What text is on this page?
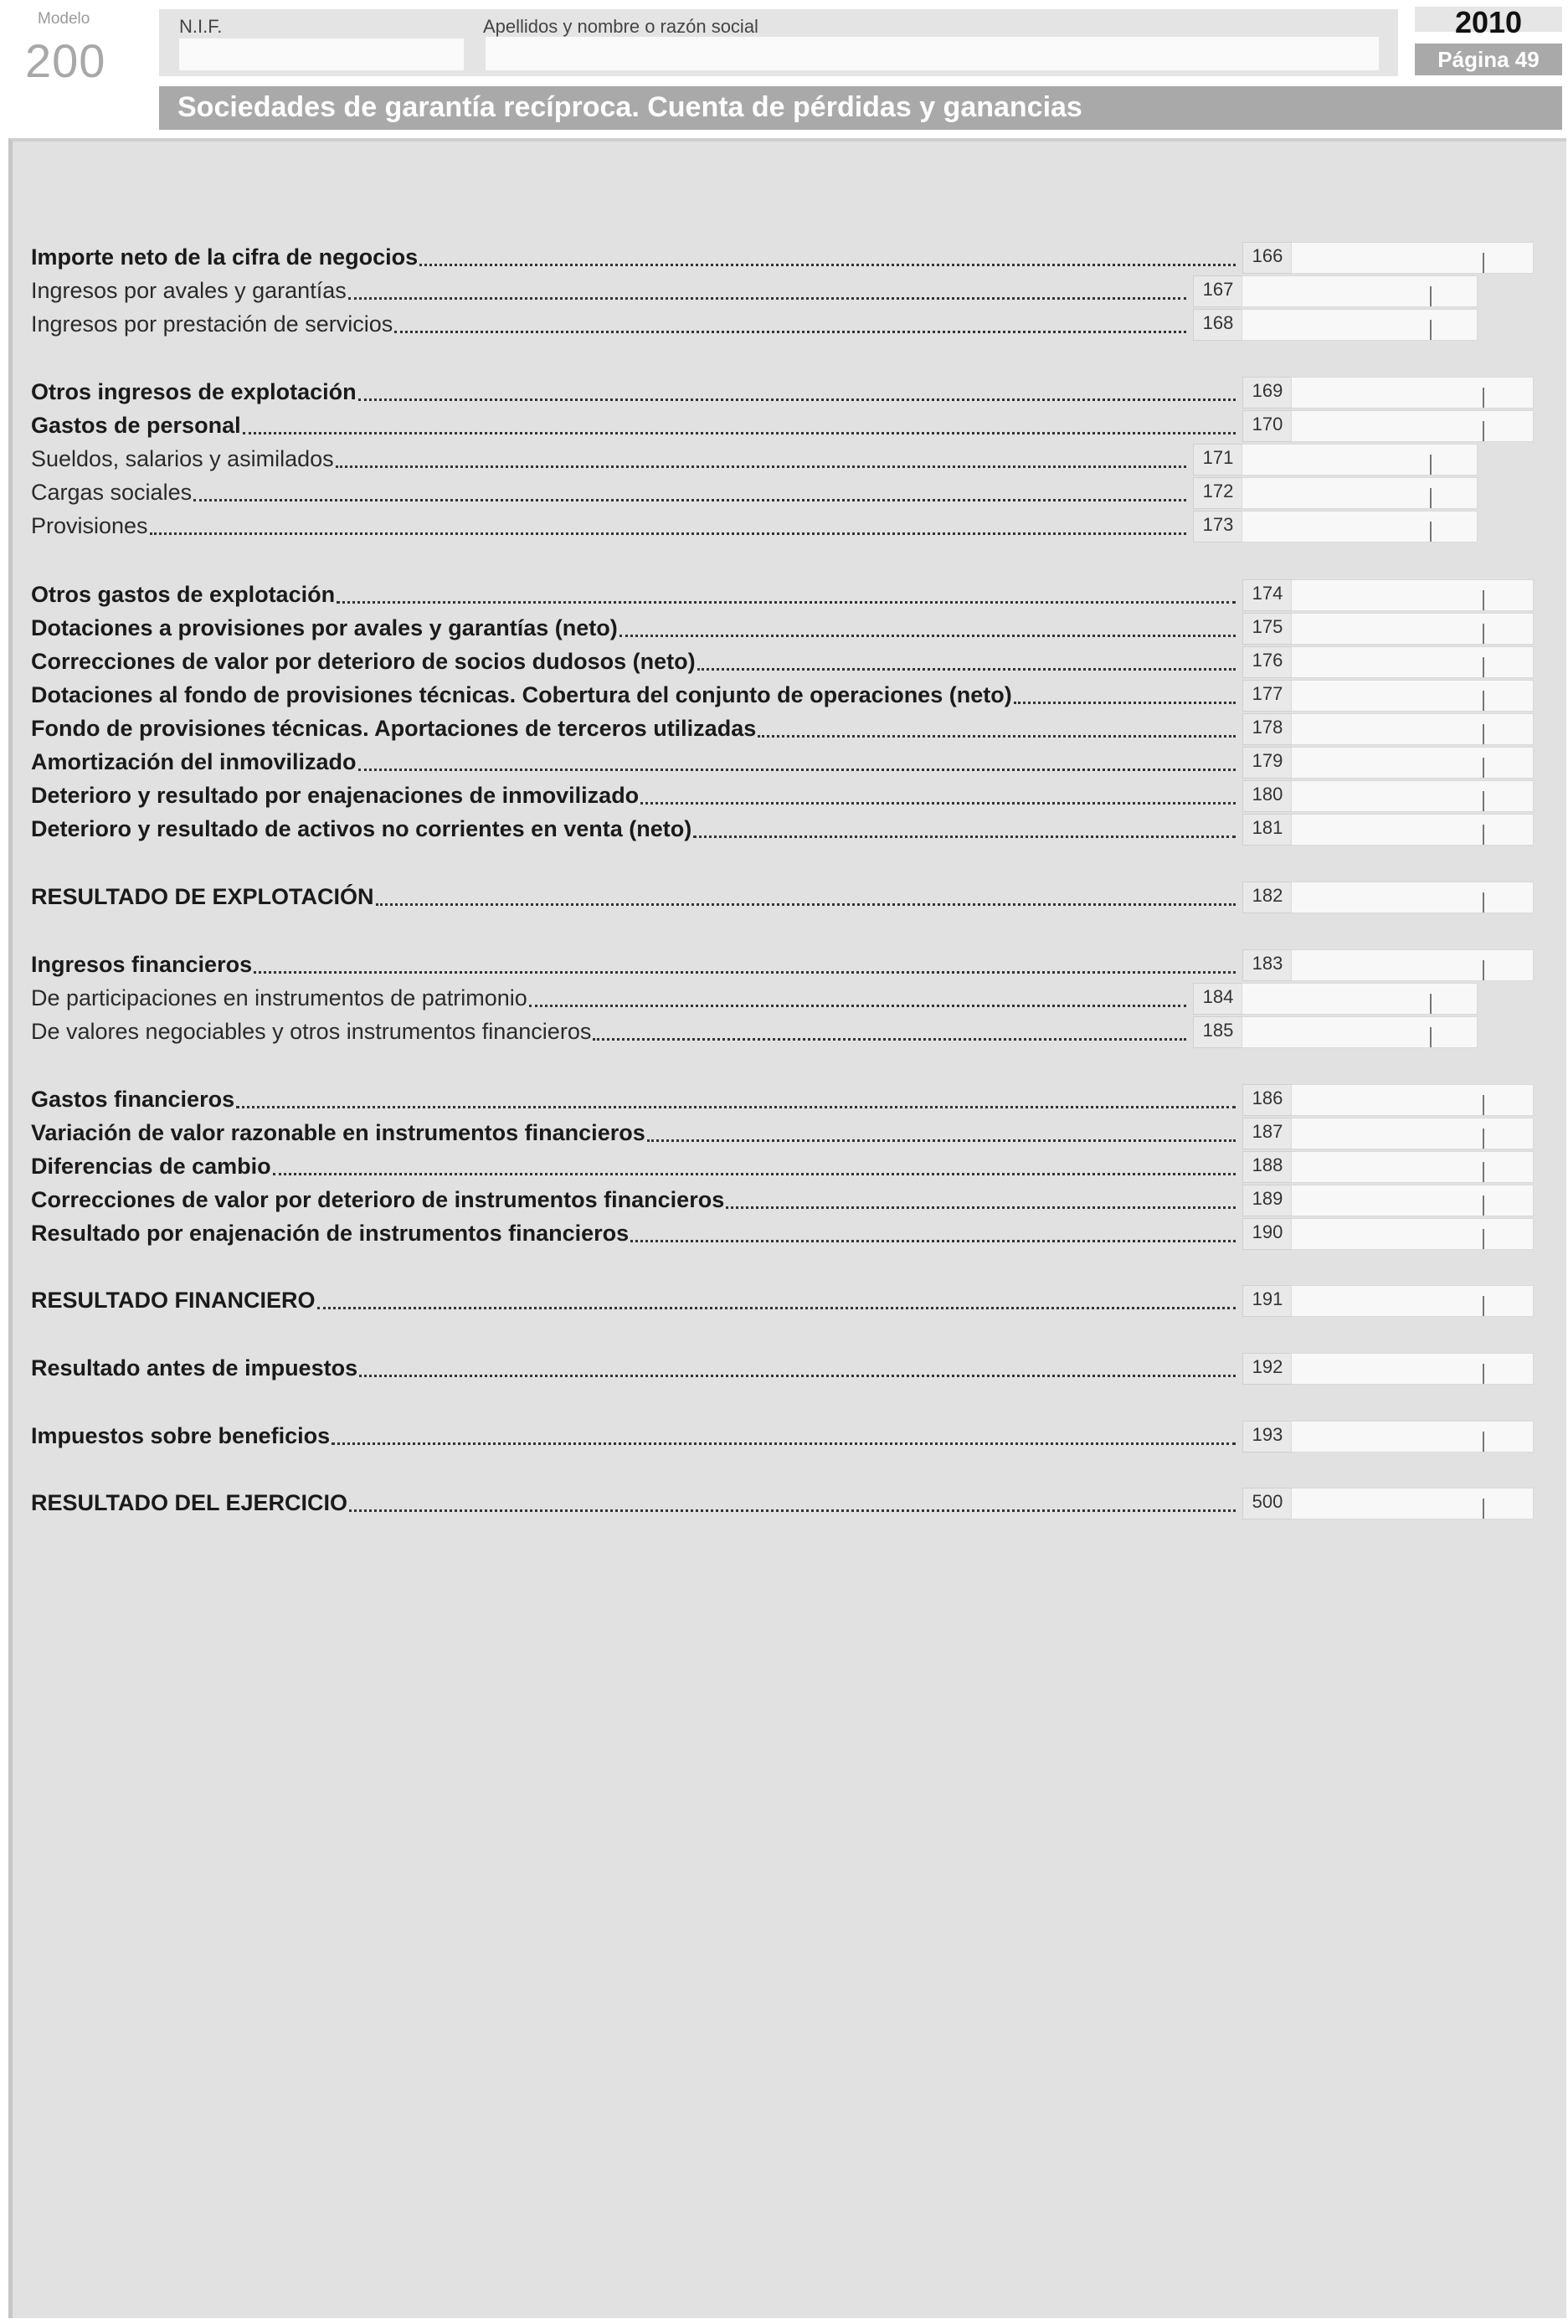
Modelo
200
N.I.F.	Apellidos y nombre o razón social	2010
Página 49
Sociedades de garantía recíproca. Cuenta de pérdidas y ganancias
Importe neto de la cifra de negocios	166
Ingresos por avales y garantías	167
Ingresos por prestación de servicios	168
Otros ingresos de explotación	169
Gastos de personal	170
Sueldos, salarios y asimilados	171
Cargas sociales	172
Provisiones	173
Otros gastos de explotación	174
Dotaciones a provisiones por avales y garantías (neto)	175
Correcciones de valor por deterioro de socios dudosos (neto)	176
Dotaciones al fondo de provisiones técnicas. Cobertura del conjunto de operaciones (neto)	177
Fondo de provisiones técnicas. Aportaciones de terceros utilizadas	178
Amortización del inmovilizado	179
Deterioro y resultado por enajenaciones de inmovilizado	180
Deterioro y resultado de activos no corrientes en venta (neto)	181
RESULTADO DE EXPLOTACIÓN	182
Ingresos financieros	183
De participaciones en instrumentos de patrimonio	184
De valores negociables y otros instrumentos financieros	185
Gastos financieros	186
Variación de valor razonable en instrumentos financieros	187
Diferencias de cambio	188
Correcciones de valor por deterioro de instrumentos financieros	189
Resultado por enajenación de instrumentos financieros	190
RESULTADO FINANCIERO	191
Resultado antes de impuestos	192
Impuestos sobre beneficios	193
RESULTADO DEL EJERCICIO	500
